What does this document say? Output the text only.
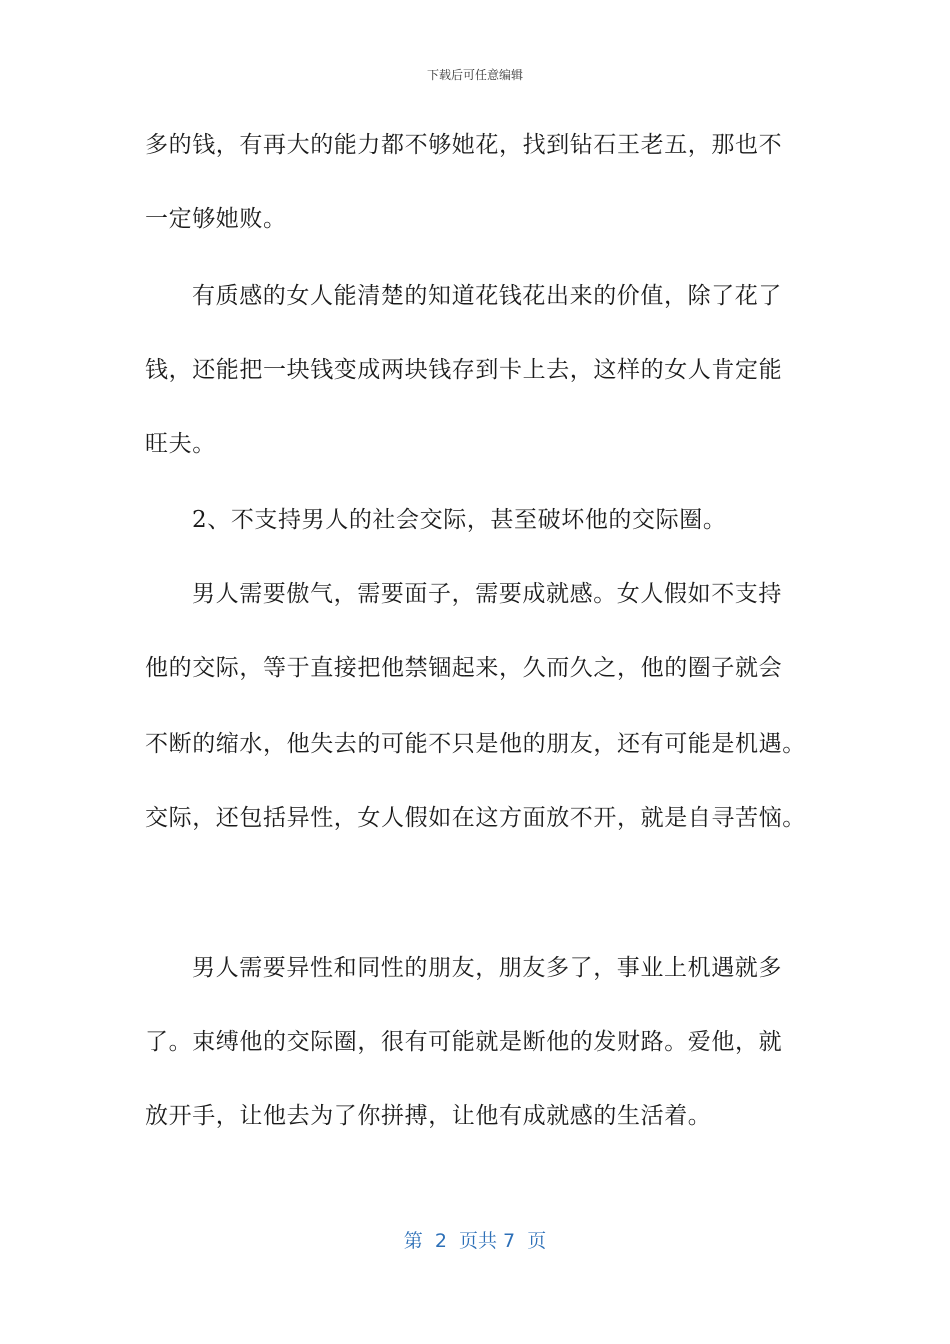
下载后可任意编辑
多的钱，有再大的能力都不够她花，找到钻石王老五，那也不
一定够她败。
有质感的女人能清楚的知道花钱花出来的价值，除了花了
钱，还能把一块钱变成两块钱存到卡上去，这样的女人肯定能
旺夫。
2、不支持男人的社会交际，甚至破坏他的交际圈。
男人需要傲气，需要面子，需要成就感。女人假如不支持
他的交际，等于直接把他禁锢起来，久而久之，他的圈子就会
不断的缩水，他失去的可能不只是他的朋友，还有可能是机遇。
交际，还包括异性，女人假如在这方面放不开，就是自寻苦恼。
男人需要异性和同性的朋友，朋友多了，事业上机遇就多
了。束缚他的交际圈，很有可能就是断他的发财路。爱他，就
放开手，让他去为了你拼搏，让他有成就感的生活着。
第  2  页共 7  页
